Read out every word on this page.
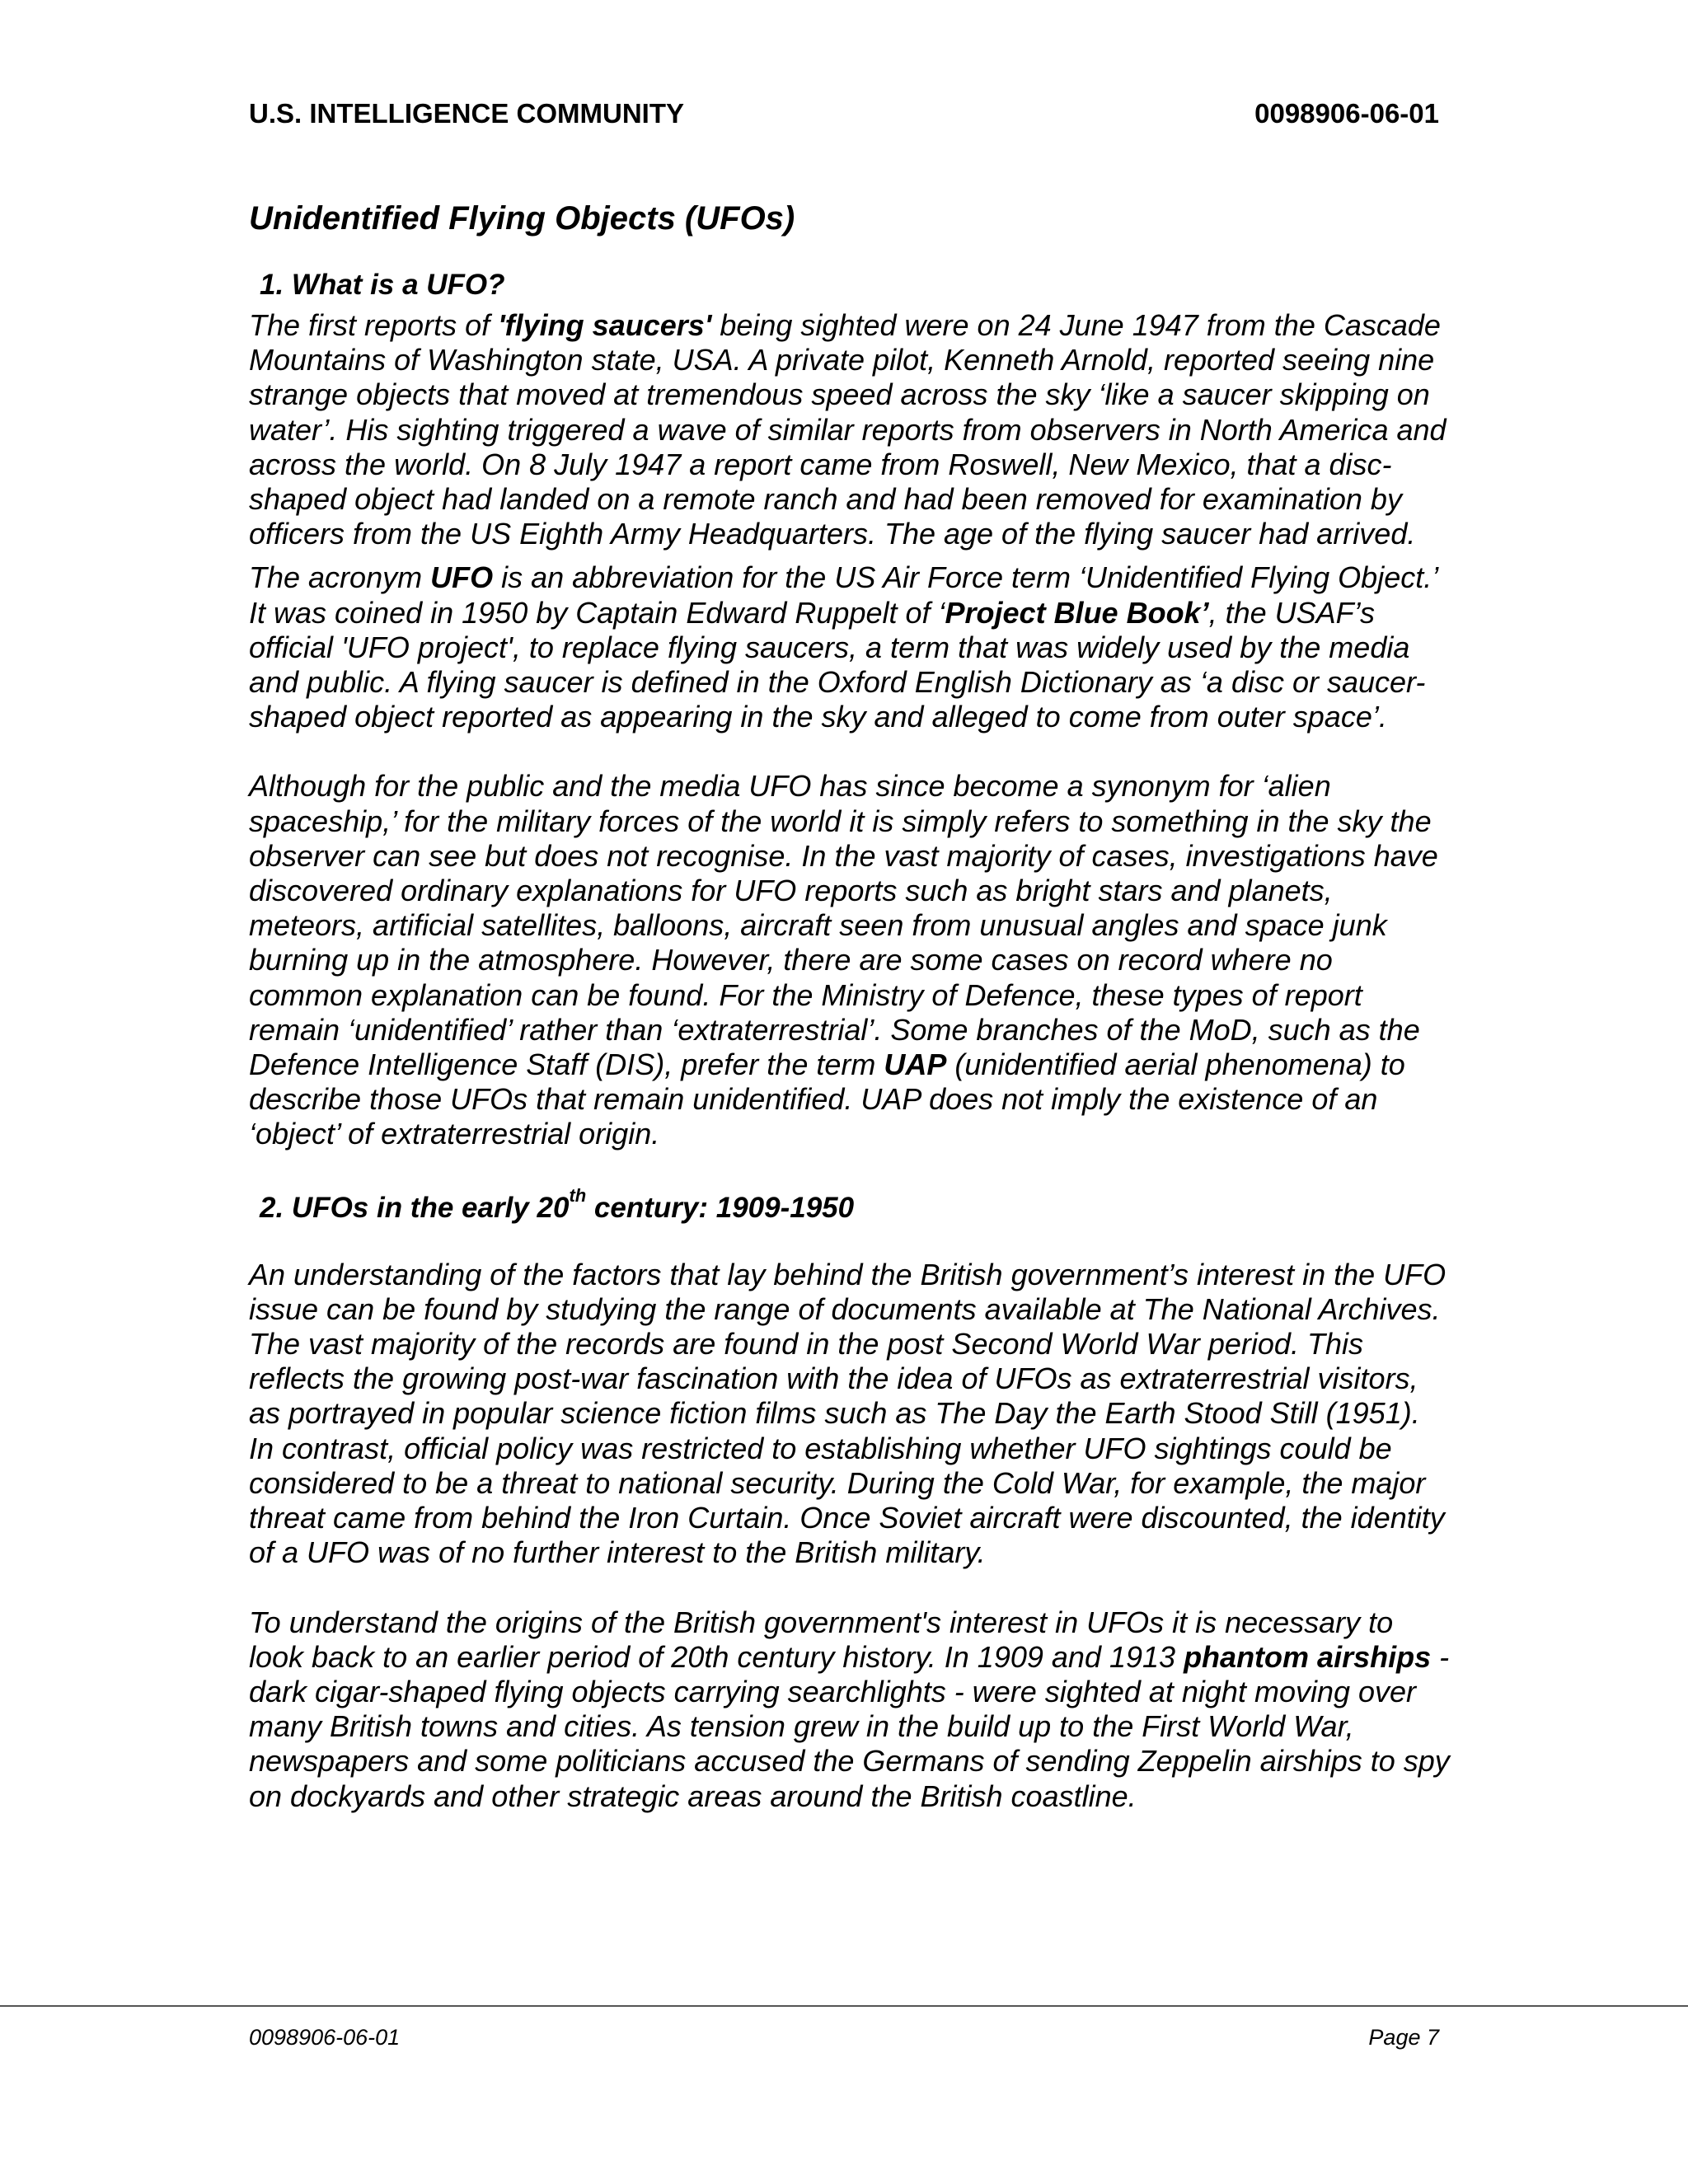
U.S. INTELLIGENCE COMMUNITY	0098906-06-01
Unidentified Flying Objects (UFOs)
1. What is a UFO?

The first reports of 'flying saucers' being sighted were on 24 June 1947 from the Cascade Mountains of Washington state, USA. A private pilot, Kenneth Arnold, reported seeing nine strange objects that moved at tremendous speed across the sky ‘like a saucer skipping on water’. His sighting triggered a wave of similar reports from observers in North America and across the world. On 8 July 1947 a report came from Roswell, New Mexico, that a disc-shaped object had landed on a remote ranch and had been removed for examination by officers from the US Eighth Army Headquarters. The age of the flying saucer had arrived.

The acronym UFO is an abbreviation for the US Air Force term ‘Unidentified Flying Object.’ It was coined in 1950 by Captain Edward Ruppelt of ‘Project Blue Book’, the USAF’s official 'UFO project', to replace flying saucers, a term that was widely used by the media and public. A flying saucer is defined in the Oxford English Dictionary as ‘a disc or saucer-shaped object reported as appearing in the sky and alleged to come from outer space’.

Although for the public and the media UFO has since become a synonym for ‘alien spaceship,’ for the military forces of the world it is simply refers to something in the sky the observer can see but does not recognise. In the vast majority of cases, investigations have discovered ordinary explanations for UFO reports such as bright stars and planets, meteors, artificial satellites, balloons, aircraft seen from unusual angles and space junk burning up in the atmosphere. However, there are some cases on record where no common explanation can be found. For the Ministry of Defence, these types of report remain ‘unidentified’ rather than ‘extraterrestrial’. Some branches of the MoD, such as the Defence Intelligence Staff (DIS), prefer the term UAP (unidentified aerial phenomena) to describe those UFOs that remain unidentified. UAP does not imply the existence of an ‘object’ of extraterrestrial origin.

2. UFOs in the early 20th century: 1909-1950

An understanding of the factors that lay behind the British government’s interest in the UFO issue can be found by studying the range of documents available at The National Archives. The vast majority of the records are found in the post Second World War period. This reflects the growing post-war fascination with the idea of UFOs as extraterrestrial visitors, as portrayed in popular science fiction films such as The Day the Earth Stood Still (1951). In contrast, official policy was restricted to establishing whether UFO sightings could be considered to be a threat to national security. During the Cold War, for example, the major threat came from behind the Iron Curtain. Once Soviet aircraft were discounted, the identity of a UFO was of no further interest to the British military.

To understand the origins of the British government's interest in UFOs it is necessary to look back to an earlier period of 20th century history. In 1909 and 1913 phantom airships - dark cigar-shaped flying objects carrying searchlights - were sighted at night moving over many British towns and cities. As tension grew in the build up to the First World War, newspapers and some politicians accused the Germans of sending Zeppelin airships to spy on dockyards and other strategic areas around the British coastline.

0098906-06-01	Page 7
